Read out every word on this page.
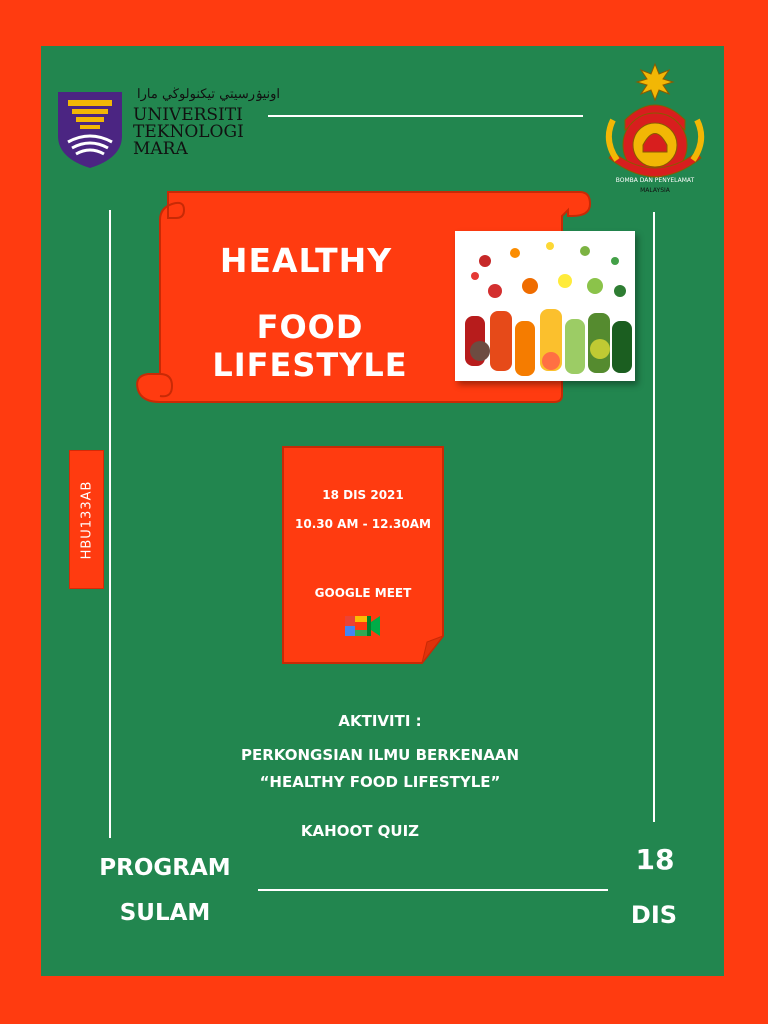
اونيۏرسيتي تيكنولوڬي مارا
UNIVERSITI
TEKNOLOGI
MARA
BOMBA DAN PENYELAMAT
MALAYSIA
HEALTHY
FOOD LIFESTYLE
HBU133AB	18 DIS 2021
10.30 AM - 12.30AM
GOOGLE MEET
AKTIVITI :
PERKONGSIAN ILMU BERKENAAN
“HEALTHY FOOD LIFESTYLE”
KAHOOT QUIZ
PROGRAM
SULAM
18
DIS
